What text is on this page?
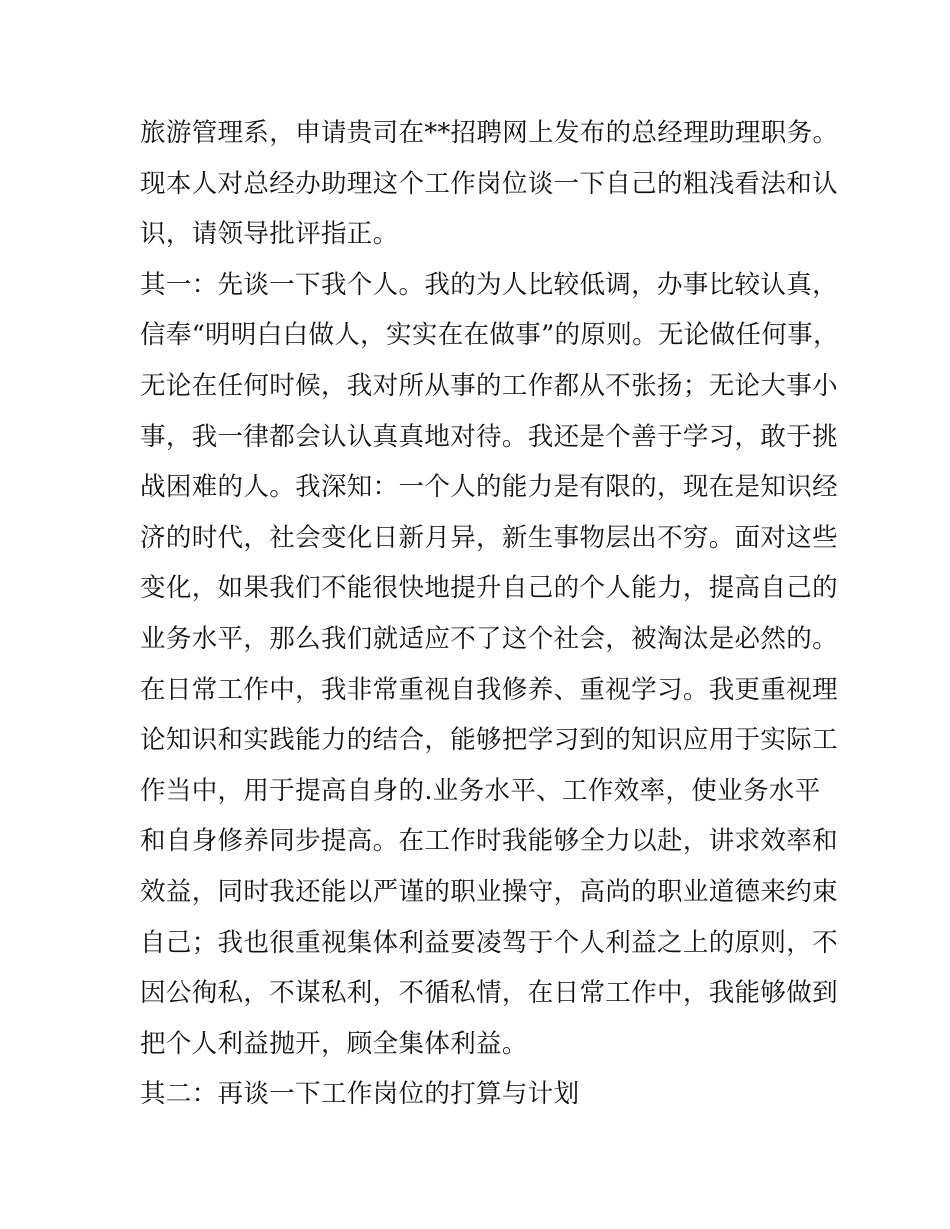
旅游管理系，申请贵司在**招聘网上发布的总经理助理职务。
现本人对总经办助理这个工作岗位谈一下自己的粗浅看法和认
识，请领导批评指正。
其一：先谈一下我个人。我的为人比较低调，办事比较认真，
信奉“明明白白做人，实实在在做事”的原则。无论做任何事，
无论在任何时候，我对所从事的工作都从不张扬；无论大事小
事，我一律都会认认真真地对待。我还是个善于学习，敢于挑
战困难的人。我深知：一个人的能力是有限的，现在是知识经
济的时代，社会变化日新月异，新生事物层出不穷。面对这些
变化，如果我们不能很快地提升自己的个人能力，提高自己的
业务水平，那么我们就适应不了这个社会，被淘汰是必然的。
在日常工作中，我非常重视自我修养、重视学习。我更重视理
论知识和实践能力的结合，能够把学习到的知识应用于实际工
作当中，用于提高自身的.业务水平、工作效率，使业务水平
和自身修养同步提高。在工作时我能够全力以赴，讲求效率和
效益，同时我还能以严谨的职业操守，高尚的职业道德来约束
自己；我也很重视集体利益要凌驾于个人利益之上的原则，不
因公徇私，不谋私利，不循私情，在日常工作中，我能够做到
把个人利益抛开，顾全集体利益。
其二：再谈一下工作岗位的打算与计划
